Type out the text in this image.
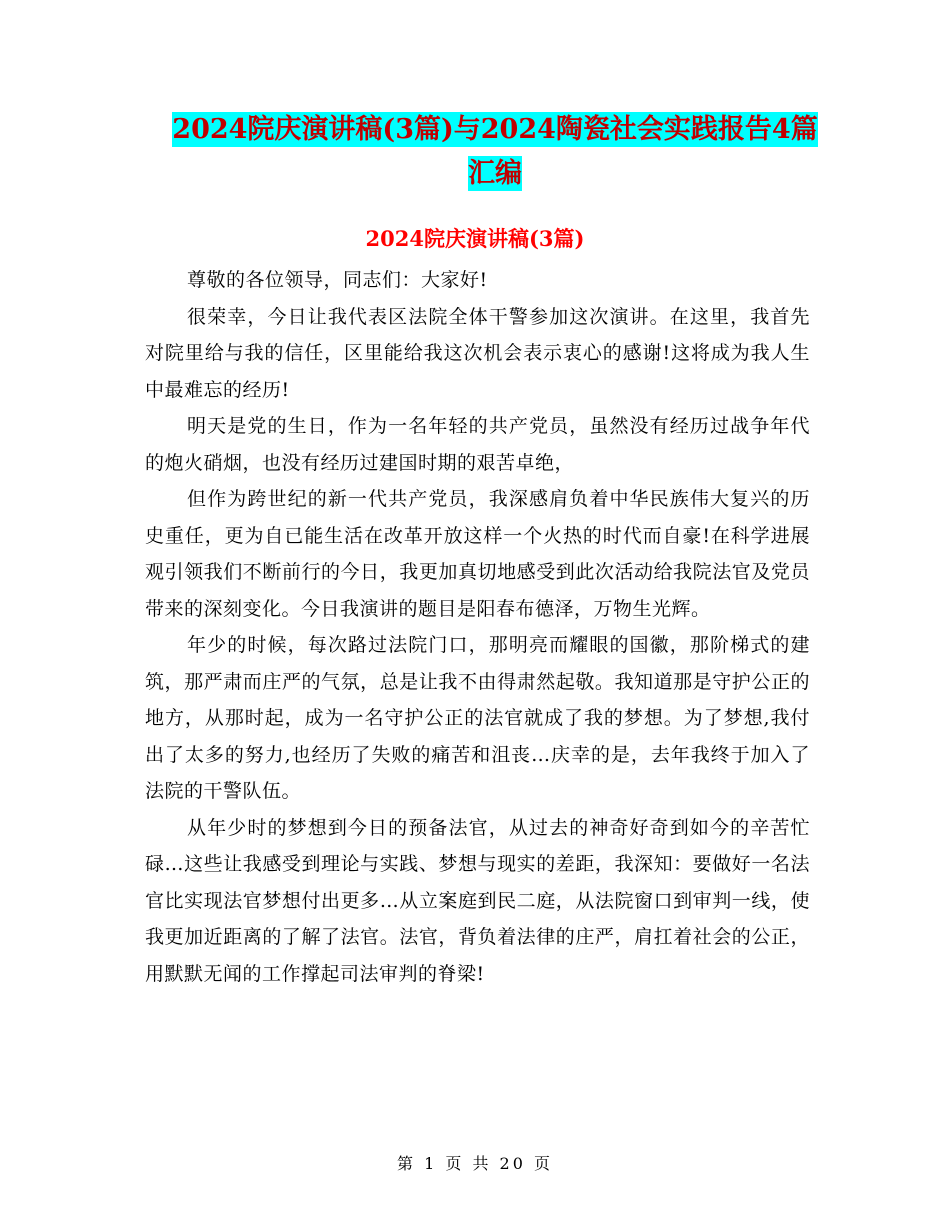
2024院庆演讲稿(3篇)与2024陶瓷社会实践报告4篇
汇编
2024院庆演讲稿(3篇)

尊敬的各位领导，同志们：大家好!

很荣幸，今日让我代表区法院全体干警参加这次演讲。在这里，我首先对院里给与我的信任，区里能给我这次机会表示衷心的感谢!这将成为我人生中最难忘的经历!

明天是党的生日，作为一名年轻的共产党员，虽然没有经历过战争年代的炮火硝烟，也没有经历过建国时期的艰苦卓绝，

但作为跨世纪的新一代共产党员，我深感肩负着中华民族伟大复兴的历史重任，更为自已能生活在改革开放这样一个火热的时代而自豪!在科学进展观引领我们不断前行的今日，我更加真切地感受到此次活动给我院法官及党员带来的深刻变化。今日我演讲的题目是阳春布德泽，万物生光辉。

年少的时候，每次路过法院门口，那明亮而耀眼的国徽，那阶梯式的建筑，那严肃而庄严的气氛，总是让我不由得肃然起敬。我知道那是守护公正的地方，从那时起，成为一名守护公正的法官就成了我的梦想。为了梦想,我付出了太多的努力,也经历了失败的痛苦和沮丧…庆幸的是，去年我终于加入了法院的干警队伍。

从年少时的梦想到今日的预备法官，从过去的神奇好奇到如今的辛苦忙碌…这些让我感受到理论与实践、梦想与现实的差距，我深知：要做好一名法官比实现法官梦想付出更多…从立案庭到民二庭，从法院窗口到审判一线，使我更加近距离的了解了法官。法官，背负着法律的庄严，肩扛着社会的公正，用默默无闻的工作撑起司法审判的脊梁!

第 1 页 共 20 页
